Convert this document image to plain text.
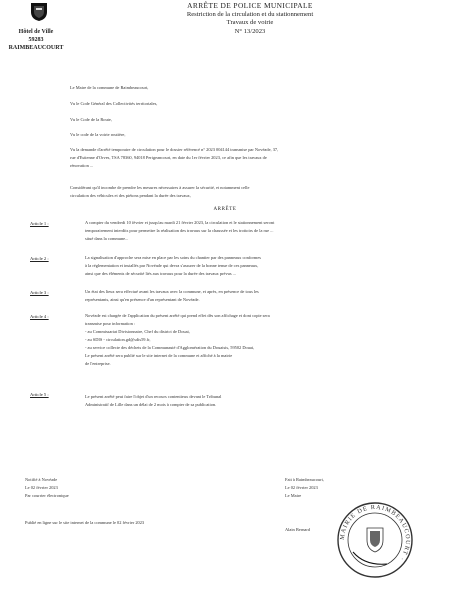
Hôtel de Ville
59283 RAIMBEAUCOURT
ARRÊTE DE POLICE MUNICIPALE
Restriction de la circulation et du stationnement
Travaux de voirie
N° 13/2023
Le Maire de la commune de Raimbeaucourt,
Vu le Code Général des Collectivités territoriales,
Vu le Code de la Route,
Vu le code de la voirie routière,
Vu la demande d'arrêté temporaire de circulation pour le dossier référencé n° 2023 004144 transmise par Novéade, 37,
rue d'Estienne d'Orves, TSA 78360, 94018 Perigeancourt, en date du 1er février 2023, ce afin que les travaux de
rénovation ...
Considérant qu'il incombe de prendre les mesures nécessaires à assurer la sécurité, et notamment celle
circulation des véhicules et des piétons pendant la durée des travaux,
ARRÊTE
Article 1 :	A compter du vendredi 10 février et jusqu'au mardi 21 février 2023, la circulation et le stationnement seront
temporairement interdits pour permettre la réalisation des travaux sur la chaussée et les trottoirs de la rue ...
situé dans la commune...
Article 2 :	La signalisation d'approche sera mise en place par les soins du chantier par des panneaux conformes
à la réglementation et installés par Novéade qui devra s'assurer de la bonne tenue de ces panneaux,
ainsi que des éléments de sécurité liés aux travaux pour la durée des travaux prévus ...
Article 3 :	Un état des lieux sera effectué avant les travaux avec la commune, et après, en présence de tous les
représentants, ainsi qu'en présence d'un représentant de Novéade.
Article 4 :	Novéade est chargée de l'application du présent arrêté qui prend effet dès son affichage et dont copie sera
transmise pour information :
- au Commissariat Divisionnaire, Chef du district de Douai,
- au SDIS - circulation.gd@sdis59.fr,
- au service collecte des déchets de la Communauté d'Agglomération du Douaisis, 59502 Douai,
Le présent arrêté sera publié sur le site internet de la commune et affiché à la mairie
de l'entreprise.
Article 5 :	Le présent arrêté peut faire l'objet d'un recours contentieux devant le Tribunal
Administratif de Lille dans un délai de 2 mois à compter de sa publication.
Notifié à Novéade
Le 02 février 2023
Par courrier électronique
Publié en ligne sur le site internet de la commune le 02 février 2023
Fait à Raimbeaucourt,
Le 02 février 2023
Le Maire
Alain Bernard
MAIRIE DE RAIMBEAUCOURT ·
